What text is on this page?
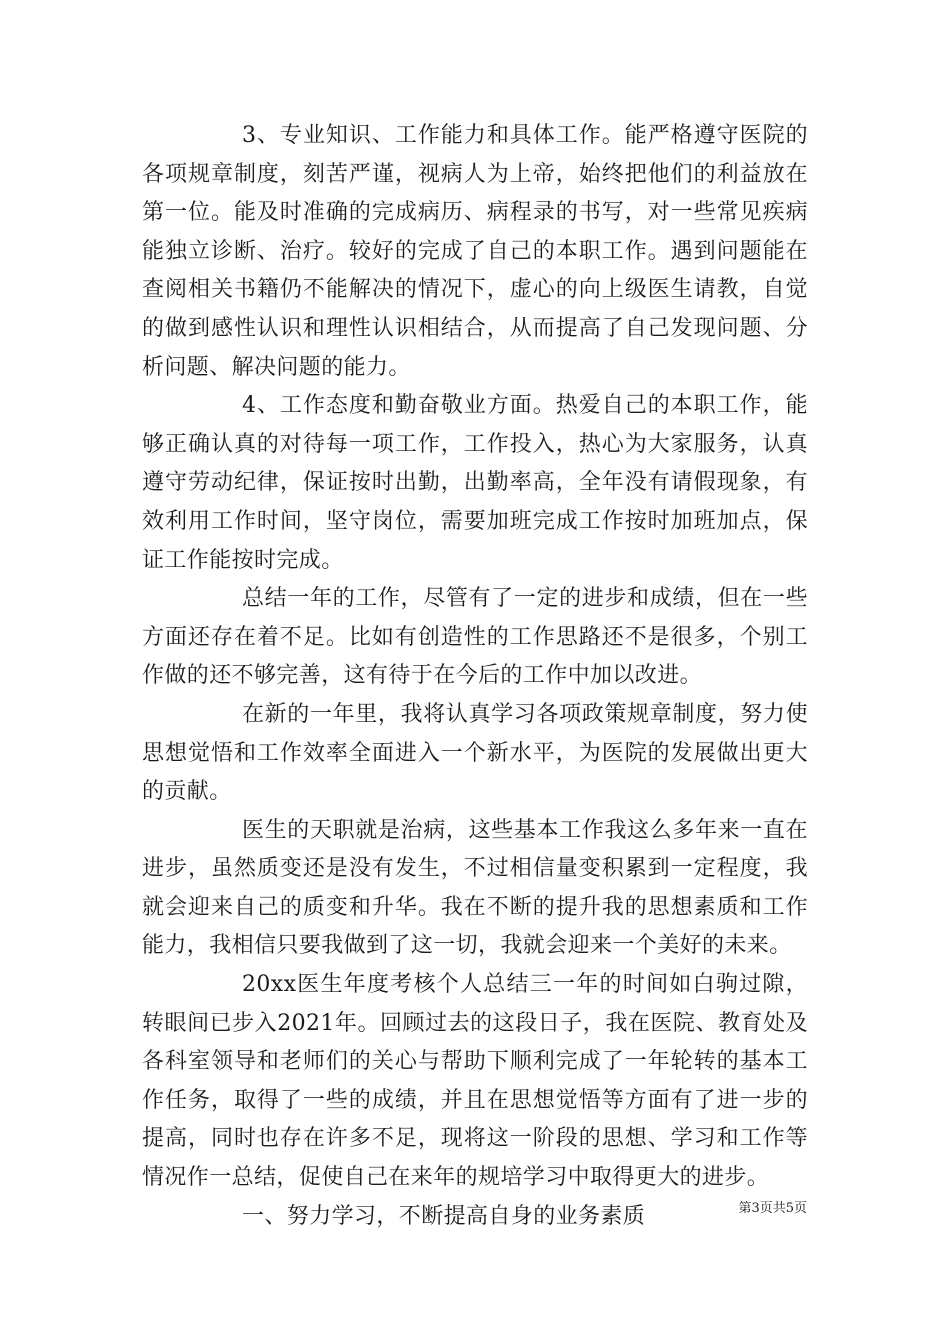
3、专业知识、工作能力和具体工作。能严格遵守医院的各项规章制度，刻苦严谨，视病人为上帝，始终把他们的利益放在第一位。能及时准确的完成病历、病程录的书写，对一些常见疾病能独立诊断、治疗。较好的完成了自己的本职工作。遇到问题能在查阅相关书籍仍不能解决的情况下，虚心的向上级医生请教，自觉的做到感性认识和理性认识相结合，从而提高了自己发现问题、分析问题、解决问题的能力。

4、工作态度和勤奋敬业方面。热爱自己的本职工作，能够正确认真的对待每一项工作，工作投入，热心为大家服务，认真遵守劳动纪律，保证按时出勤，出勤率高，全年没有请假现象，有效利用工作时间，坚守岗位，需要加班完成工作按时加班加点，保证工作能按时完成。

总结一年的工作，尽管有了一定的进步和成绩，但在一些方面还存在着不足。比如有创造性的工作思路还不是很多，个别工作做的还不够完善，这有待于在今后的工作中加以改进。

在新的一年里，我将认真学习各项政策规章制度，努力使思想觉悟和工作效率全面进入一个新水平，为医院的发展做出更大的贡献。

医生的天职就是治病，这些基本工作我这么多年来一直在进步，虽然质变还是没有发生，不过相信量变积累到一定程度，我就会迎来自己的质变和升华。我在不断的提升我的思想素质和工作能力，我相信只要我做到了这一切，我就会迎来一个美好的未来。

20xx医生年度考核个人总结三一年的时间如白驹过隙，转眼间已步入2021年。回顾过去的这段日子，我在医院、教育处及各科室领导和老师们的关心与帮助下顺利完成了一年轮转的基本工作任务，取得了一些的成绩，并且在思想觉悟等方面有了进一步的提高，同时也存在许多不足，现将这一阶段的思想、学习和工作等情况作一总结，促使自己在来年的规培学习中取得更大的进步。

一、努力学习，不断提高自身的业务素质	第3页共5页
